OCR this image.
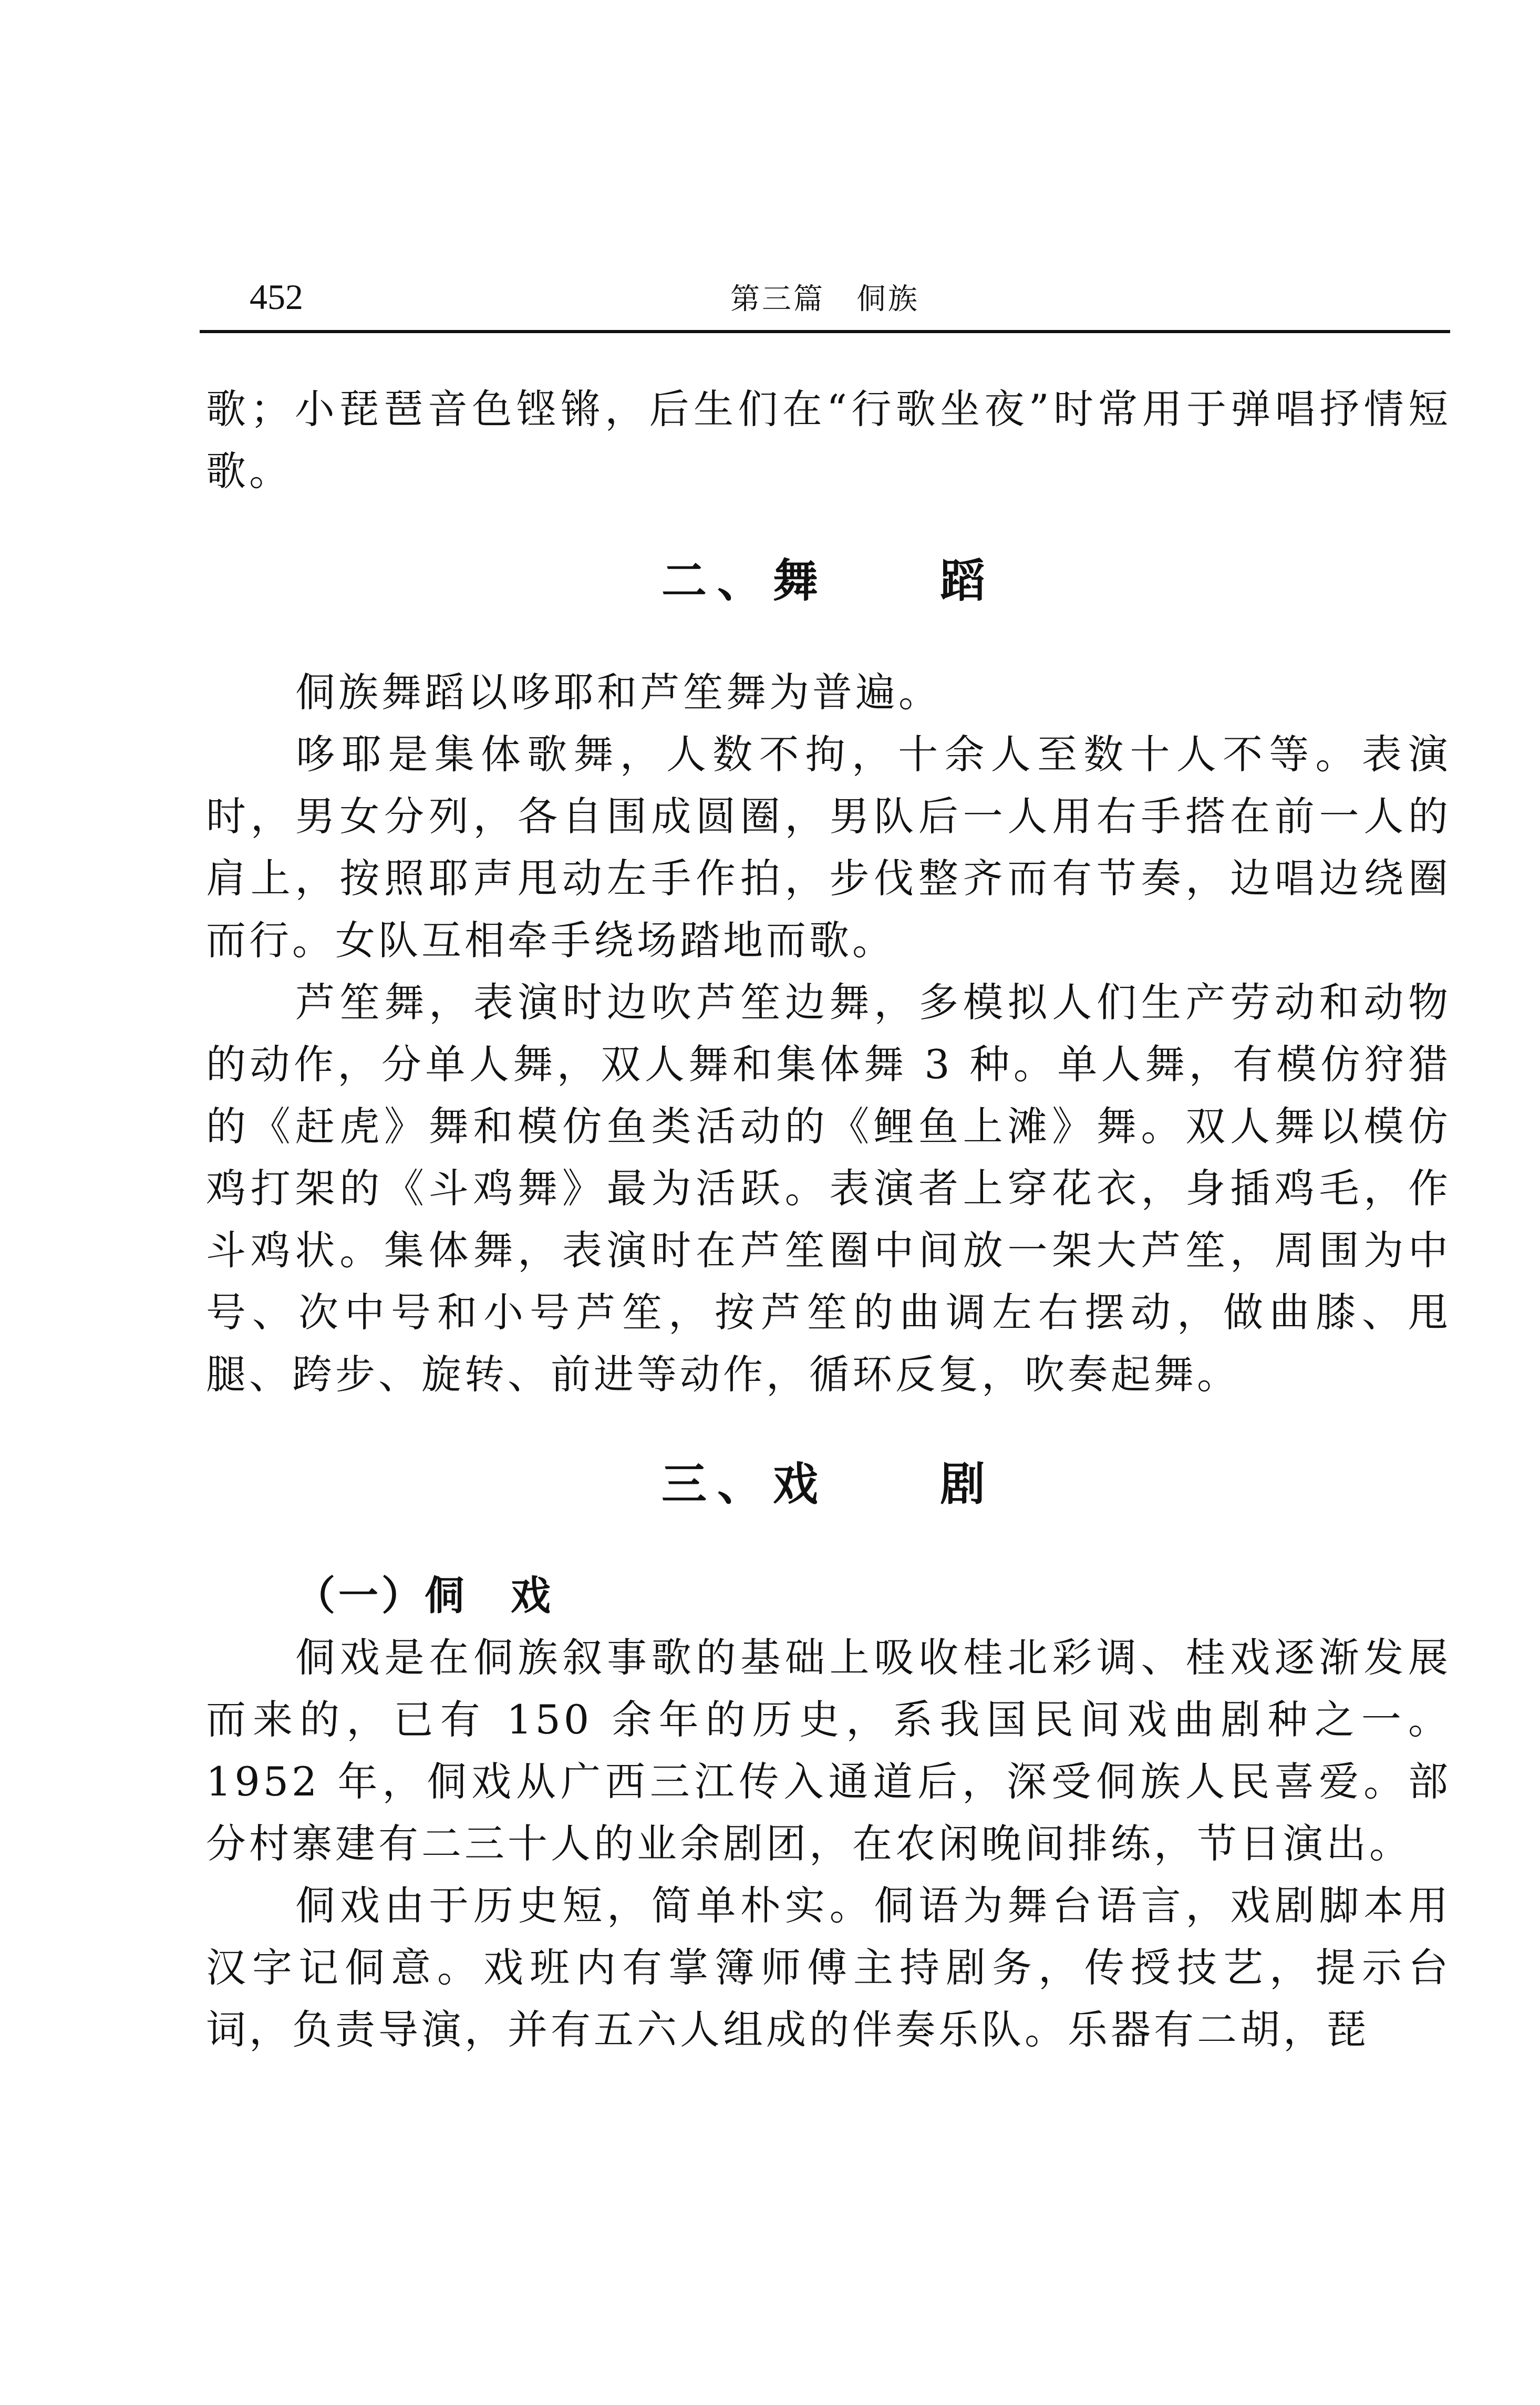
452	第三篇　侗族

歌；小琵琶音色铿锵，后生们在“行歌坐夜”时常用于弹唱抒情短歌。

二、舞　　蹈

侗族舞蹈以哆耶和芦笙舞为普遍。

哆耶是集体歌舞，人数不拘，十余人至数十人不等。表演时，男女分列，各自围成圆圈，男队后一人用右手搭在前一人的肩上，按照耶声甩动左手作拍，步伐整齐而有节奏，边唱边绕圈而行。女队互相牵手绕场踏地而歌。

芦笙舞，表演时边吹芦笙边舞，多模拟人们生产劳动和动物的动作，分单人舞，双人舞和集体舞 3 种。单人舞，有模仿狩猎的《赶虎》舞和模仿鱼类活动的《鲤鱼上滩》舞。双人舞以模仿鸡打架的《斗鸡舞》最为活跃。表演者上穿花衣，身插鸡毛，作斗鸡状。集体舞，表演时在芦笙圈中间放一架大芦笙，周围为中号、次中号和小号芦笙，按芦笙的曲调左右摆动，做曲膝、甩腿、跨步、旋转、前进等动作，循环反复，吹奏起舞。

三、戏　　剧
（一）侗　戏

侗戏是在侗族叙事歌的基础上吸收桂北彩调、桂戏逐渐发展而来的，已有 150 余年的历史，系我国民间戏曲剧种之一。1952 年，侗戏从广西三江传入通道后，深受侗族人民喜爱。部分村寨建有二三十人的业余剧团，在农闲晚间排练，节日演出。

侗戏由于历史短，简单朴实。侗语为舞台语言，戏剧脚本用汉字记侗意。戏班内有掌簿师傅主持剧务，传授技艺，提示台词，负责导演，并有五六人组成的伴奏乐队。乐器有二胡，琵
